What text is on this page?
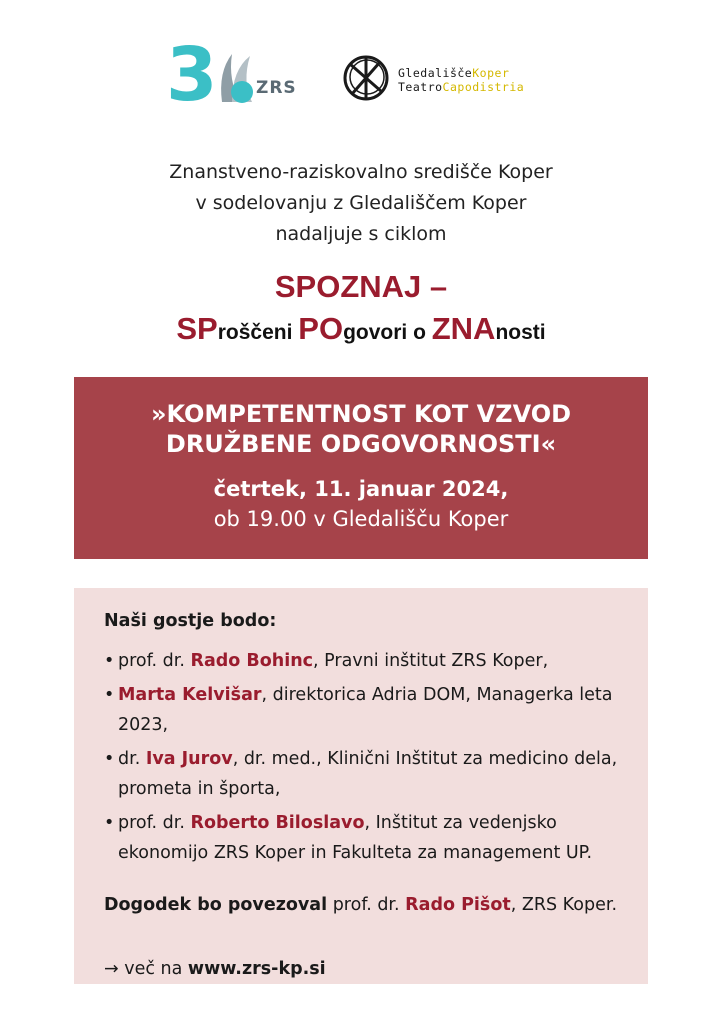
3 ZRS
GledališčeKoper
TeatroCapodistria
Znanstveno-raziskovalno središče Koper
v sodelovanju z Gledališčem Koper
nadaljuje s ciklom
SPOZNAJ –
SProščeni POgovori o ZNAnosti
»KOMPETENTNOST KOT VZVOD
DRUŽBENE ODGOVORNOSTI«
četrtek, 11. januar 2024,
ob 19.00 v Gledališču Koper
Naši gostje bodo:
• prof. dr. Rado Bohinc, Pravni inštitut ZRS Koper,
• Marta Kelvišar, direktorica Adria DOM, Managerka leta 2023,
• dr. Iva Jurov, dr. med., Klinični Inštitut za medicino dela, prometa in športa,
• prof. dr. Roberto Biloslavo, Inštitut za vedenjsko ekonomijo ZRS Koper in Fakulteta za management UP.
Dogodek bo povezoval prof. dr. Rado Pišot, ZRS Koper.
→ več na www.zrs-kp.si
